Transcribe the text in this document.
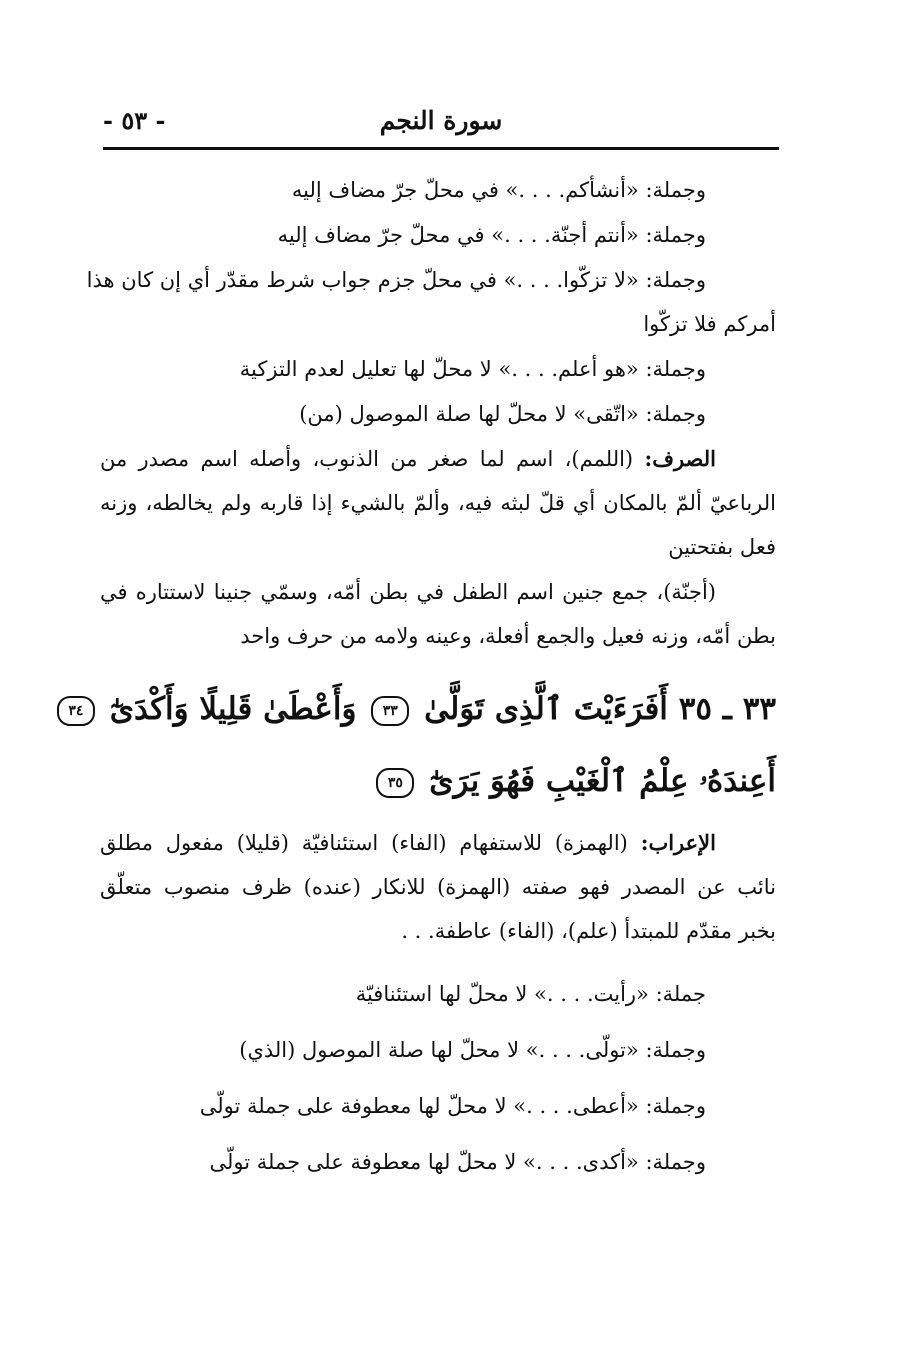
- ٥٣ -	سورة النجم
وجملة: «أنشأكم. . . .» في محلّ جرّ مضاف إليه
وجملة: «أنتم أجنّة. . . .» في محلّ جرّ مضاف إليه
وجملة: «لا تزكّوا. . . .» في محلّ جزم جواب شرط مقدّر أي إن كان هذا
أمركم فلا تزكّوا
وجملة: «هو أعلم. . . .» لا محلّ لها تعليل لعدم التزكية
وجملة: «اتّقى» لا محلّ لها صلة الموصول (من)
الصرف: (اللمم)، اسم لما صغر من الذنوب، وأصله اسم مصدر من
الرباعيّ ألمّ بالمكان أي قلّ لبثه فيه، وألمّ بالشيء إذا قاربه ولم يخالطه، وزنه
فعل بفتحتين
(أجنّة)، جمع جنين اسم الطفل في بطن أمّه، وسمّي جنينا لاستتاره في
بطن أمّه، وزنه فعيل والجمع أفعلة، وعينه ولامه من حرف واحد
٣٣ ـ ٣٥ أَفَرَءَيْتَ ٱلَّذِى تَوَلَّىٰ ٣٣ وَأَعْطَىٰ قَلِيلًا وَأَكْدَىٰٓ ٣٤
أَعِندَهُۥ عِلْمُ ٱلْغَيْبِ فَهُوَ يَرَىٰٓ ٣٥
الإعراب: (الهمزة) للاستفهام (الفاء) استئنافيّة (قليلا) مفعول مطلق
نائب عن المصدر فهو صفته (الهمزة) للانكار (عنده) ظرف منصوب متعلّق
بخبر مقدّم للمبتدأ (علم)، (الفاء) عاطفة. . .
جملة: «رأيت. . . .» لا محلّ لها استئنافيّة
وجملة: «تولّى. . . .» لا محلّ لها صلة الموصول (الذي)
وجملة: «أعطى. . . .» لا محلّ لها معطوفة على جملة تولّى
وجملة: «أكدى. . . .» لا محلّ لها معطوفة على جملة تولّى
